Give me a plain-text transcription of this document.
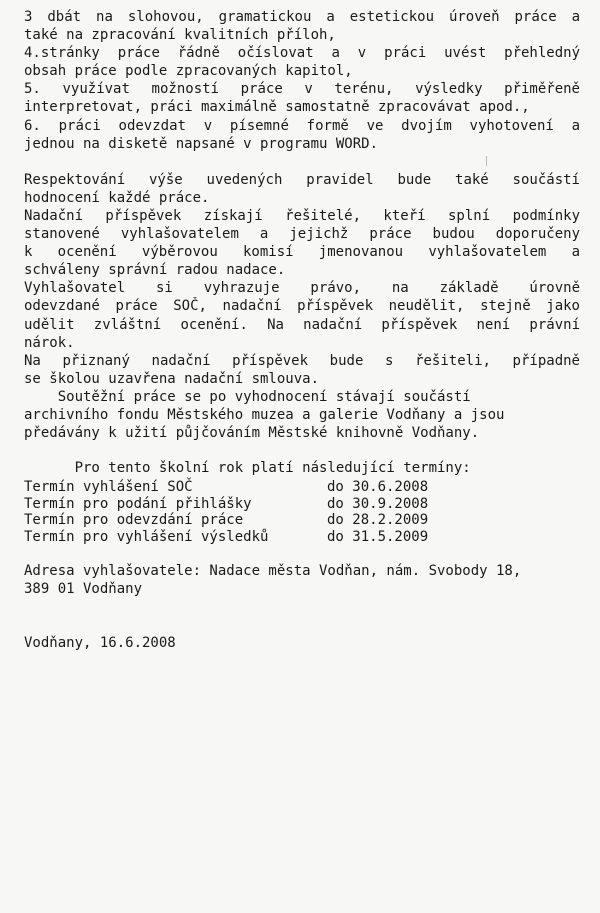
3 dbát na slohovou, gramatickou a estetickou úroveň práce a
také na zpracování kvalitních příloh,
4.stránky práce řádně očíslovat a v práci uvést přehledný
obsah práce podle zpracovaných kapitol,
5. využívat možností práce v terénu, výsledky přiměřeně
interpretovat, práci maximálně samostatně zpracovávat apod.,
6. práci odevzdat v písemné formě ve dvojím vyhotovení a
jednou na disketě napsané v programu WORD.
Respektování výše uvedených pravidel bude také součástí
hodnocení každé práce.
Nadační příspěvek získají řešitelé, kteří splní podmínky
stanovené vyhlašovatelem a jejichž práce budou doporučeny
k ocenění výběrovou komisí jmenovanou vyhlašovatelem a
schváleny správní radou nadace.
Vyhlašovatel si vyhrazuje právo, na základě úrovně
odevzdané práce SOČ, nadační příspěvek neudělit, stejně jako
udělit zvláštní ocenění. Na nadační příspěvek není právní
nárok.
Na přiznaný nadační příspěvek bude s řešiteli, případně
se školou uzavřena nadační smlouva.
Soutěžní práce se po vyhodnocení stávají součástí
archivního fondu Městského muzea a galerie Vodňany a jsou
předávány k užití půjčováním Městské knihovně Vodňany.
Pro tento školní rok platí následující termíny:
Termín vyhlášení SOČ	do 30.6.2008
Termín pro podání přihlášky	do 30.9.2008
Termín pro odevzdání práce	do 28.2.2009
Termín pro vyhlášení výsledků	do 31.5.2009
Adresa vyhlašovatele: Nadace města Vodňan, nám. Svobody 18,
389 01 Vodňany
Vodňany, 16.6.2008
